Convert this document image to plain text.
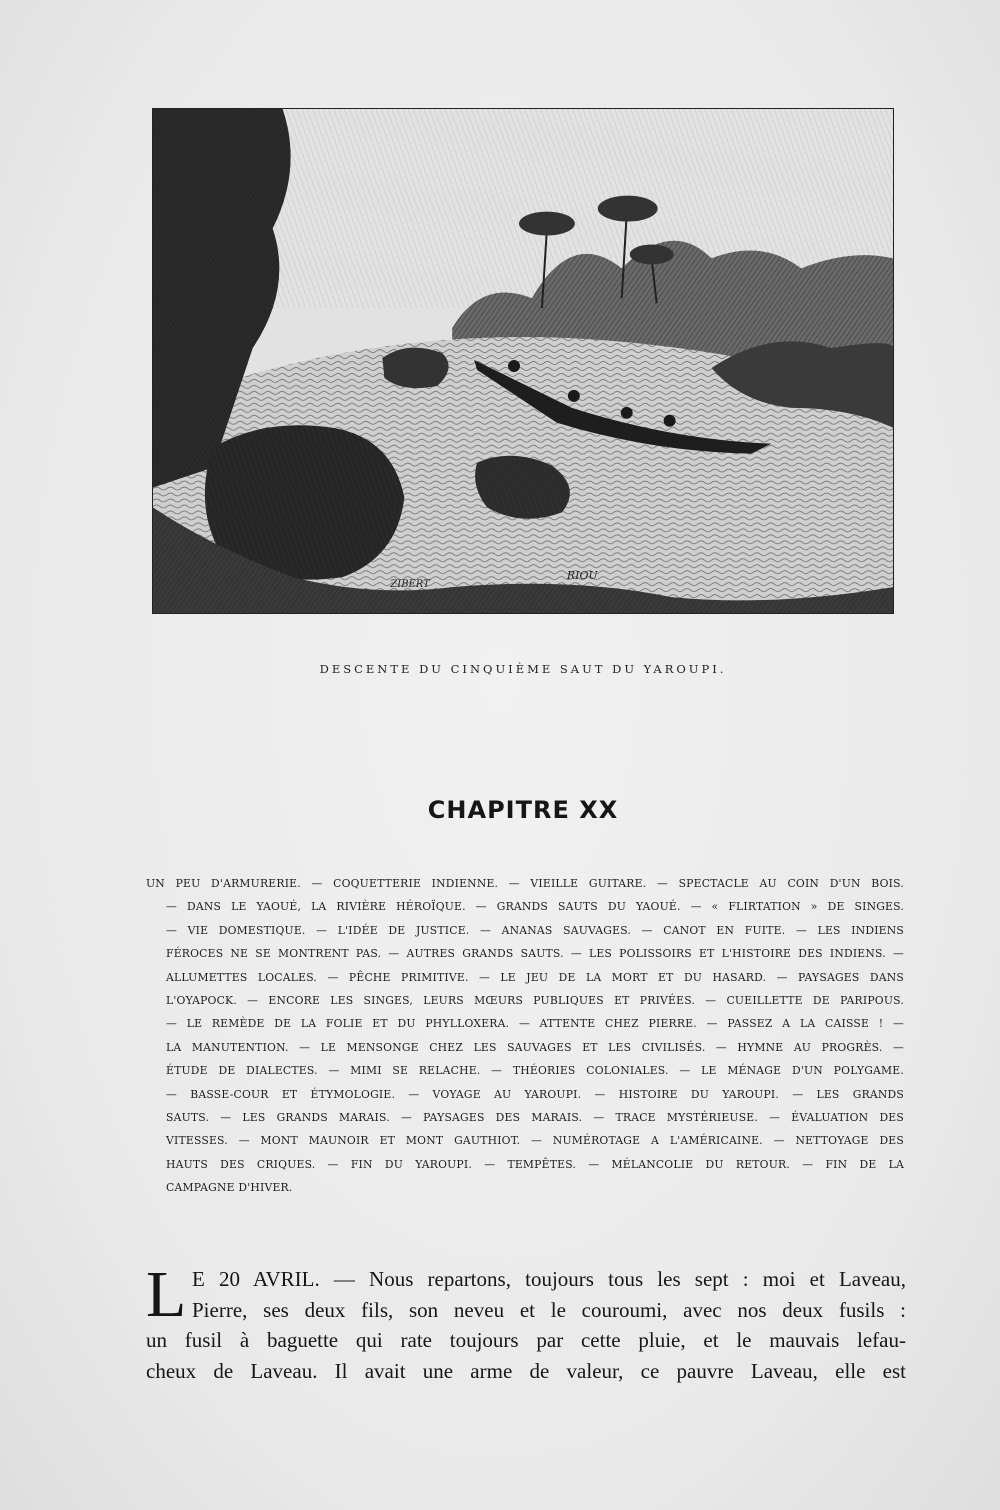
ZIBERT
RIOU
DESCENTE DU CINQUIÈME SAUT DU YAROUPI.
CHAPITRE XX
UN PEU D'ARMURERIE. — COQUETTERIE INDIENNE. — VIEILLE GUITARE. — SPECTACLE AU COIN D'UN BOIS.
— DANS LE YAOUÉ, LA RIVIÈRE HÉROÏQUE. — GRANDS SAUTS DU YAOUÉ. — « FLIRTATION » DE SINGES.
— VIE DOMESTIQUE. — L'IDÉE DE JUSTICE. — ANANAS SAUVAGES. — CANOT EN FUITE. — LES INDIENS
FÉROCES NE SE MONTRENT PAS. — AUTRES GRANDS SAUTS. — LES POLISSOIRS ET L'HISTOIRE DES INDIENS. —
ALLUMETTES LOCALES. — PÊCHE PRIMITIVE. — LE JEU DE LA MORT ET DU HASARD. — PAYSAGES DANS
L'OYAPOCK. — ENCORE LES SINGES, LEURS MŒURS PUBLIQUES ET PRIVÉES. — CUEILLETTE DE PARIPOUS.
— LE REMÈDE DE LA FOLIE ET DU PHYLLOXERA. — ATTENTE CHEZ PIERRE. — PASSEZ A LA CAISSE ! —
LA MANUTENTION. — LE MENSONGE CHEZ LES SAUVAGES ET LES CIVILISÉS. — HYMNE AU PROGRÈS. —
ÉTUDE DE DIALECTES. — MIMI SE RELACHE. — THÉORIES COLONIALES. — LE MÉNAGE D'UN POLYGAME.
— BASSE-COUR ET ÉTYMOLOGIE. — VOYAGE AU YAROUPI. — HISTOIRE DU YAROUPI. — LES GRANDS
SAUTS. — LES GRANDS MARAIS. — PAYSAGES DES MARAIS. — TRACE MYSTÉRIEUSE. — ÉVALUATION DES
VITESSES. — MONT MAUNOIR ET MONT GAUTHIOT. — NUMÉROTAGE A L'AMÉRICAINE. — NETTOYAGE DES
HAUTS DES CRIQUES. — FIN DU YAROUPI. — TEMPÊTES. — MÉLANCOLIE DU RETOUR. — FIN DE LA
CAMPAGNE D'HIVER.
L E 20 AVRIL. — Nous repartons, toujours tous les sept : moi et Laveau,
Pierre, ses deux fils, son neveu et le couroumi, avec nos deux fusils :
un fusil à baguette qui rate toujours par cette pluie, et le mauvais lefau-
cheux de Laveau. Il avait une arme de valeur, ce pauvre Laveau, elle est
